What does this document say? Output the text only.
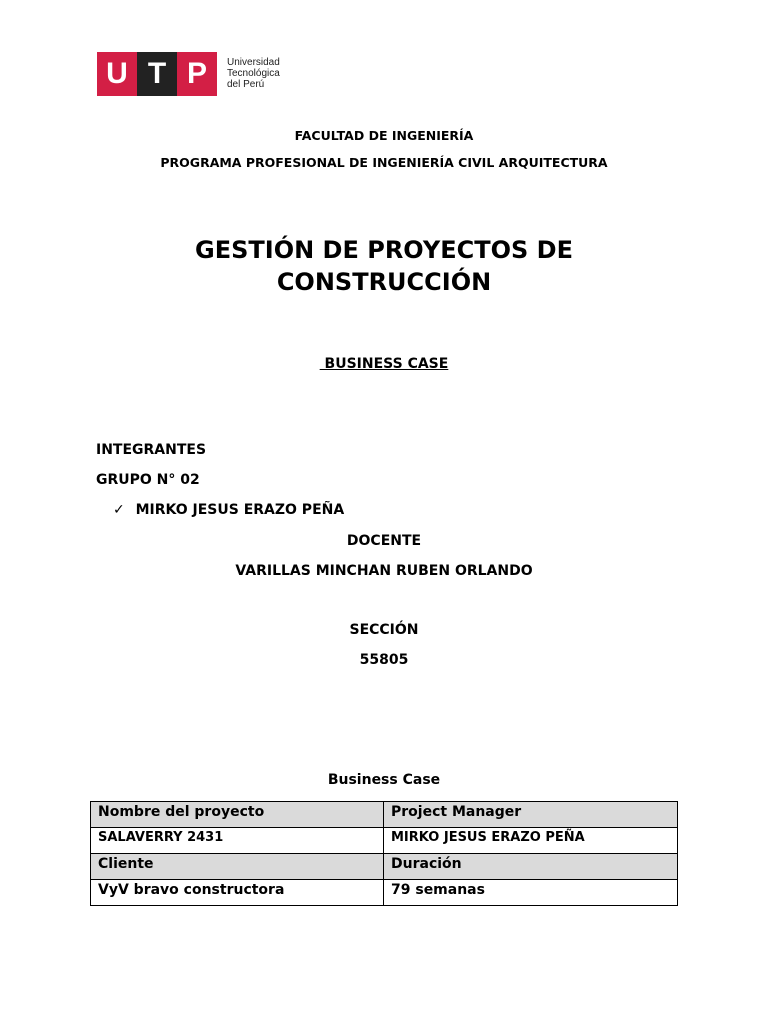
U T P	Universidad
Tecnológica
del Perú
FACULTAD DE INGENIERÍA
PROGRAMA PROFESIONAL DE INGENIERÍA CIVIL ARQUITECTURA
GESTIÓN DE PROYECTOS DE
CONSTRUCCIÓN
BUSINESS CASE
INTEGRANTES
GRUPO N° 02
✓ MIRKO JESUS ERAZO PEÑA
DOCENTE
VARILLAS MINCHAN RUBEN ORLANDO
SECCIÓN
55805
Business Case
Nombre del proyecto	Project Manager
SALAVERRY 2431	MIRKO JESUS ERAZO PEÑA
Cliente	Duración
VyV bravo constructora	79 semanas
